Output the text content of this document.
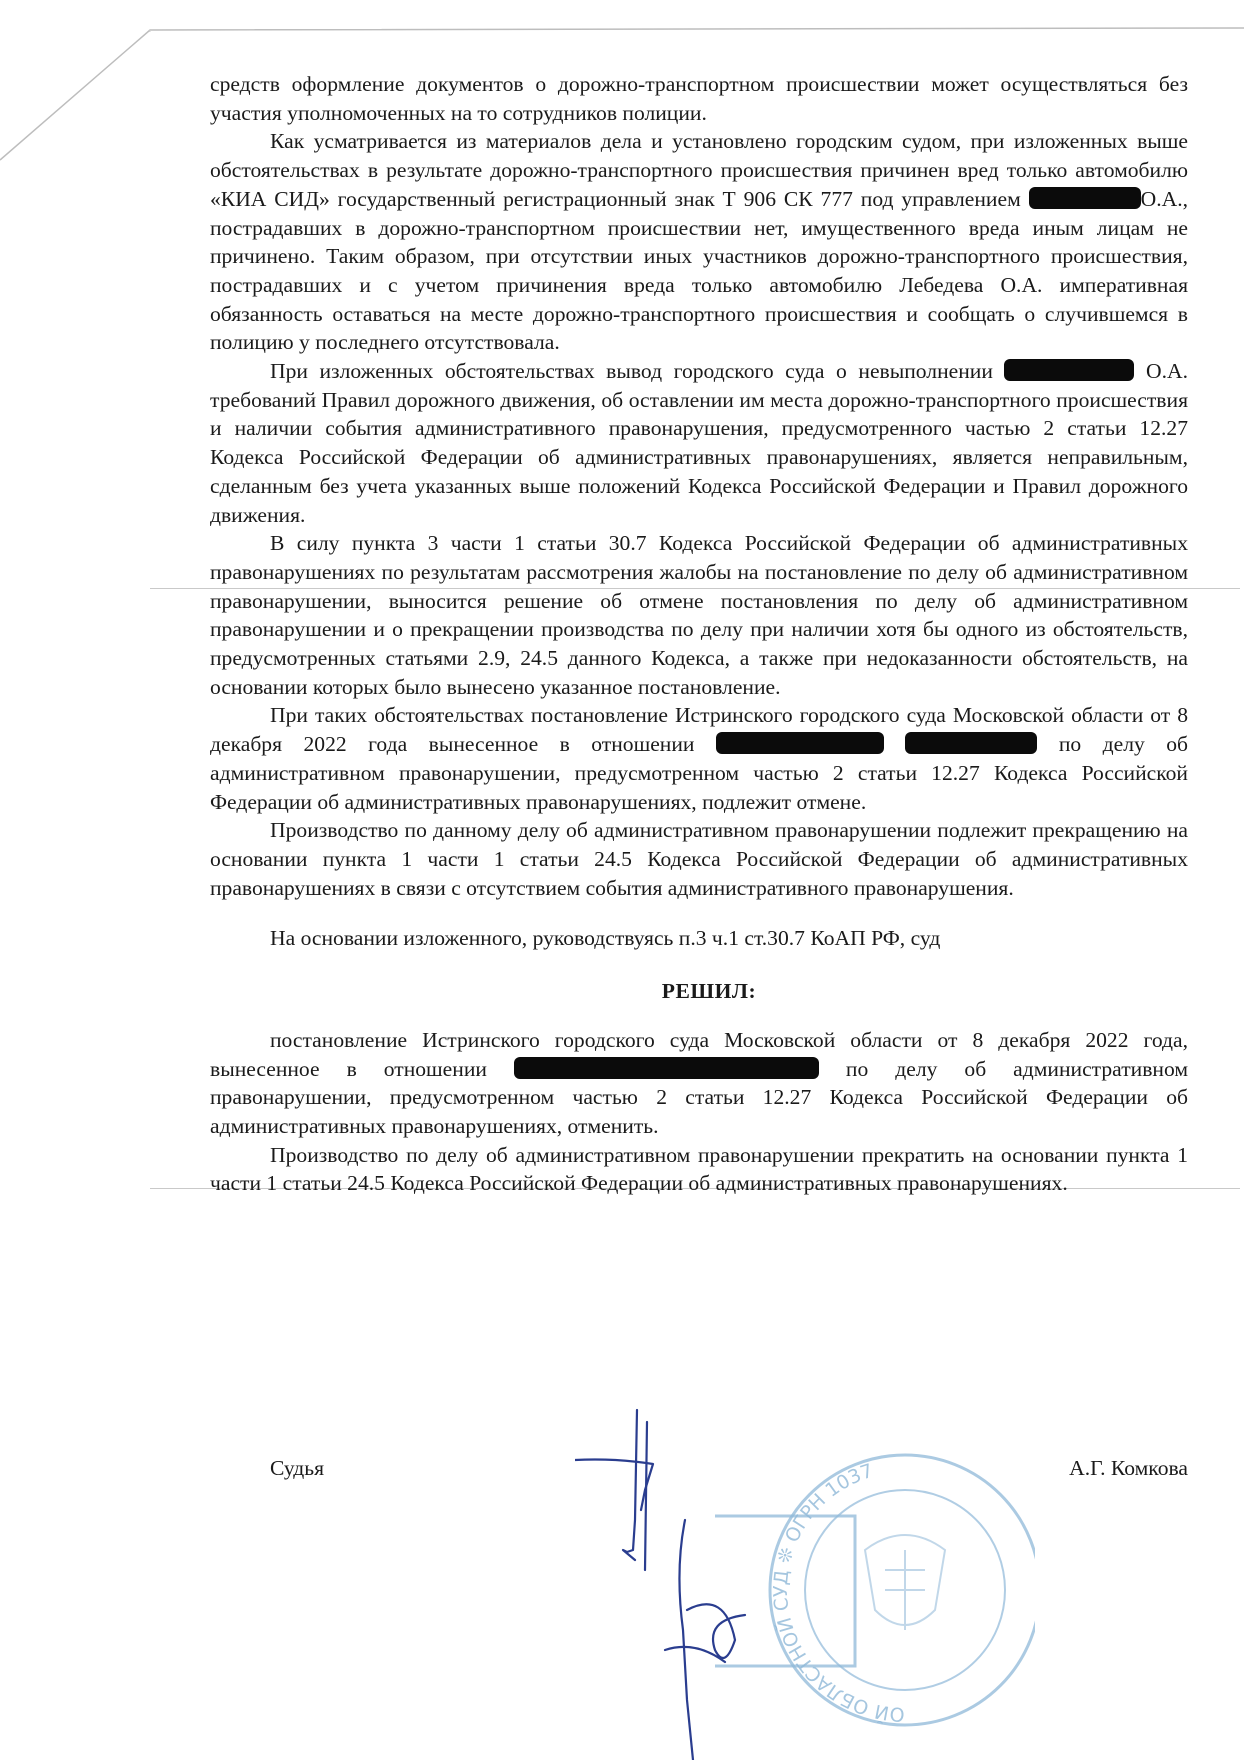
средств оформление документов о дорожно-транспортном происшествии может осуществляться без участия уполномоченных на то сотрудников полиции.

Как усматривается из материалов дела и установлено городским судом, при изложенных выше обстоятельствах в результате дорожно-транспортного происшествия причинен вред только автомобилю «КИА СИД» государственный регистрационный знак Т 906 СК 777 под управлением	О.А., пострадавших в дорожно-транспортном происшествии нет, имущественного вреда иным лицам не причинено. Таким образом, при отсутствии иных участников дорожно-транспортного происшествия, пострадавших и с учетом причинения вреда только автомобилю Лебедева О.А. императивная обязанность оставаться на месте дорожно-транспортного происшествия и сообщать о случившемся в полицию у последнего отсутствовала.

При изложенных обстоятельствах вывод городского суда о невыполнении	О.А. требований Правил дорожного движения, об оставлении им места дорожно-транспортного происшествия и наличии события административного правонарушения, предусмотренного частью 2 статьи 12.27 Кодекса Российской Федерации об административных правонарушениях, является неправильным, сделанным без учета указанных выше положений Кодекса Российской Федерации и Правил дорожного движения.

В силу пункта 3 части 1 статьи 30.7 Кодекса Российской Федерации об административных правонарушениях по результатам рассмотрения жалобы на постановление по делу об административном правонарушении, выносится решение об отмене постановления по делу об административном правонарушении и о прекращении производства по делу при наличии хотя бы одного из обстоятельств, предусмотренных статьями 2.9, 24.5 данного Кодекса, а также при недоказанности обстоятельств, на основании которых было вынесено указанное постановление.

При таких обстоятельствах постановление Истринского городского суда Московской области от 8 декабря 2022 года вынесенное в отношении	по делу об административном правонарушении, предусмотренном частью 2 статьи 12.27 Кодекса Российской Федерации об административных правонарушениях, подлежит отмене.

Производство по данному делу об административном правонарушении подлежит прекращению на основании пункта 1 части 1 статьи 24.5 Кодекса Российской Федерации об административных правонарушениях в связи с отсутствием события административного правонарушения.

На основании изложенного, руководствуясь п.3 ч.1 ст.30.7 КоАП РФ, суд

РЕШИЛ:

постановление Истринского городского суда Московской области от 8 декабря 2022 года, вынесенное в отношении	по делу об административном правонарушении, предусмотренном частью 2 статьи 12.27 Кодекса Российской Федерации об административных правонарушениях, отменить.

Производство по делу об административном правонарушении прекратить на основании пункта 1 части 1 статьи 24.5 Кодекса Российской Федерации об административных правонарушениях.

ОЙ ОБЛАСТНОЙ СУД ❊ ОГРН 1037
Судья	А.Г. Комкова
